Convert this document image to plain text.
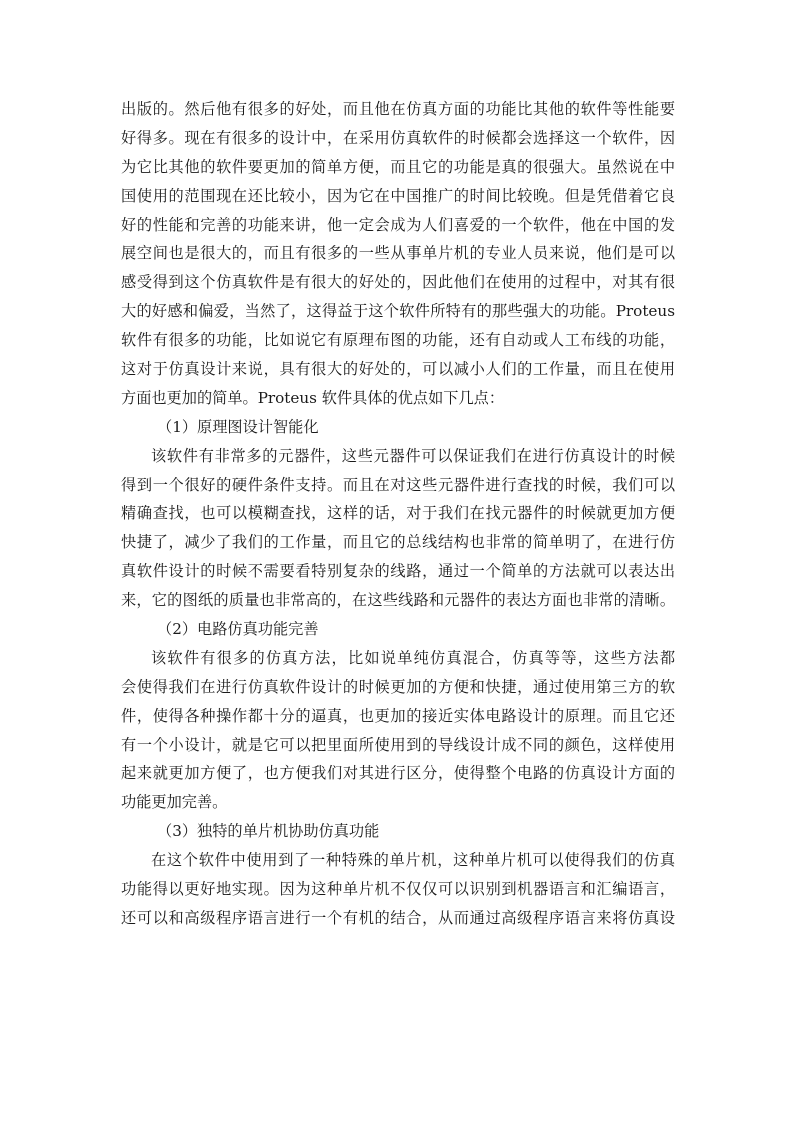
出版的。然后他有很多的好处，而且他在仿真方面的功能比其他的软件等性能要
好得多。现在有很多的设计中，在采用仿真软件的时候都会选择这一个软件，因
为它比其他的软件要更加的简单方便，而且它的功能是真的很强大。虽然说在中
国使用的范围现在还比较小，因为它在中国推广的时间比较晚。但是凭借着它良
好的性能和完善的功能来讲，他一定会成为人们喜爱的一个软件，他在中国的发
展空间也是很大的，而且有很多的一些从事单片机的专业人员来说，他们是可以
感受得到这个仿真软件是有很大的好处的，因此他们在使用的过程中，对其有很
大的好感和偏爱，当然了，这得益于这个软件所特有的那些强大的功能。Proteus
软件有很多的功能，比如说它有原理布图的功能，还有自动或人工布线的功能，
这对于仿真设计来说，具有很大的好处的，可以减小人们的工作量，而且在使用
方面也更加的简单。Proteus 软件具体的优点如下几点：
（1）原理图设计智能化
该软件有非常多的元器件，这些元器件可以保证我们在进行仿真设计的时候
得到一个很好的硬件条件支持。而且在对这些元器件进行查找的时候，我们可以
精确查找，也可以模糊查找，这样的话，对于我们在找元器件的时候就更加方便
快捷了，减少了我们的工作量，而且它的总线结构也非常的简单明了，在进行仿
真软件设计的时候不需要看特别复杂的线路，通过一个简单的方法就可以表达出
来，它的图纸的质量也非常高的，在这些线路和元器件的表达方面也非常的清晰。
（2）电路仿真功能完善
该软件有很多的仿真方法，比如说单纯仿真混合，仿真等等，这些方法都
会使得我们在进行仿真软件设计的时候更加的方便和快捷，通过使用第三方的软
件，使得各种操作都十分的逼真，也更加的接近实体电路设计的原理。而且它还
有一个小设计，就是它可以把里面所使用到的导线设计成不同的颜色，这样使用
起来就更加方便了，也方便我们对其进行区分，使得整个电路的仿真设计方面的
功能更加完善。
（3）独特的单片机协助仿真功能
在这个软件中使用到了一种特殊的单片机，这种单片机可以使得我们的仿真
功能得以更好地实现。因为这种单片机不仅仅可以识别到机器语言和汇编语言，
还可以和高级程序语言进行一个有机的结合，从而通过高级程序语言来将仿真设
